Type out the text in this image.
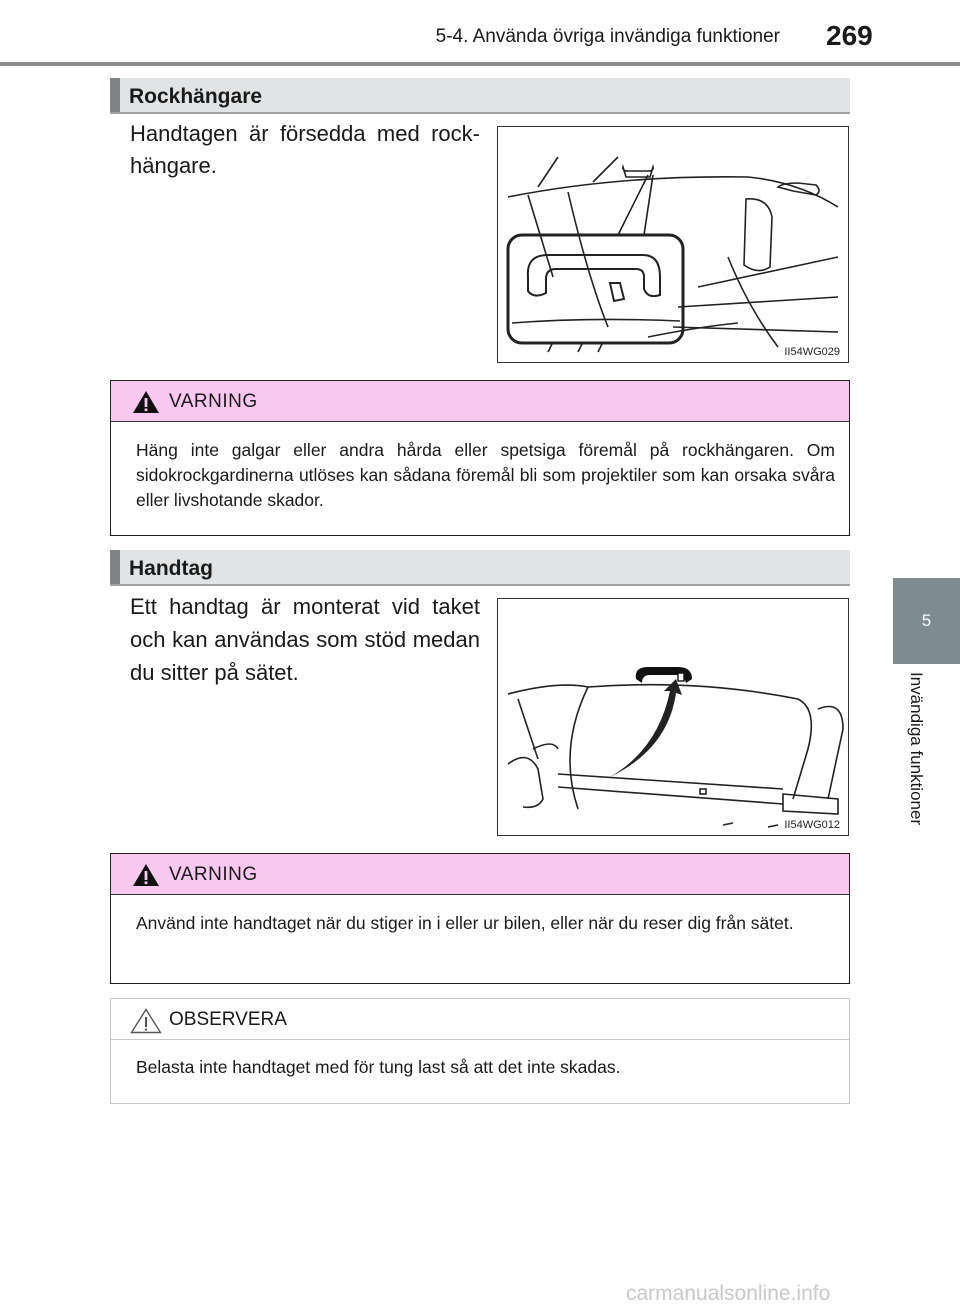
5-4. Använda övriga invändiga funktioner 269
5
Invändiga funktioner
Rockhängare
Handtagen är försedda med rock-hängare.
II54WG029
VARNING
Häng inte galgar eller andra hårda eller spetsiga föremål på rockhängaren. Om sidokrockgardinerna utlöses kan sådana föremål bli som projektiler som kan orsaka svåra eller livshotande skador.
Handtag
Ett handtag är monterat vid taket och kan användas som stöd medan du sitter på sätet.
II54WG012
VARNING
Använd inte handtaget när du stiger in i eller ur bilen, eller när du reser dig från sätet.
OBSERVERA
Belasta inte handtaget med för tung last så att det inte skadas.
carmanualsonline.info
